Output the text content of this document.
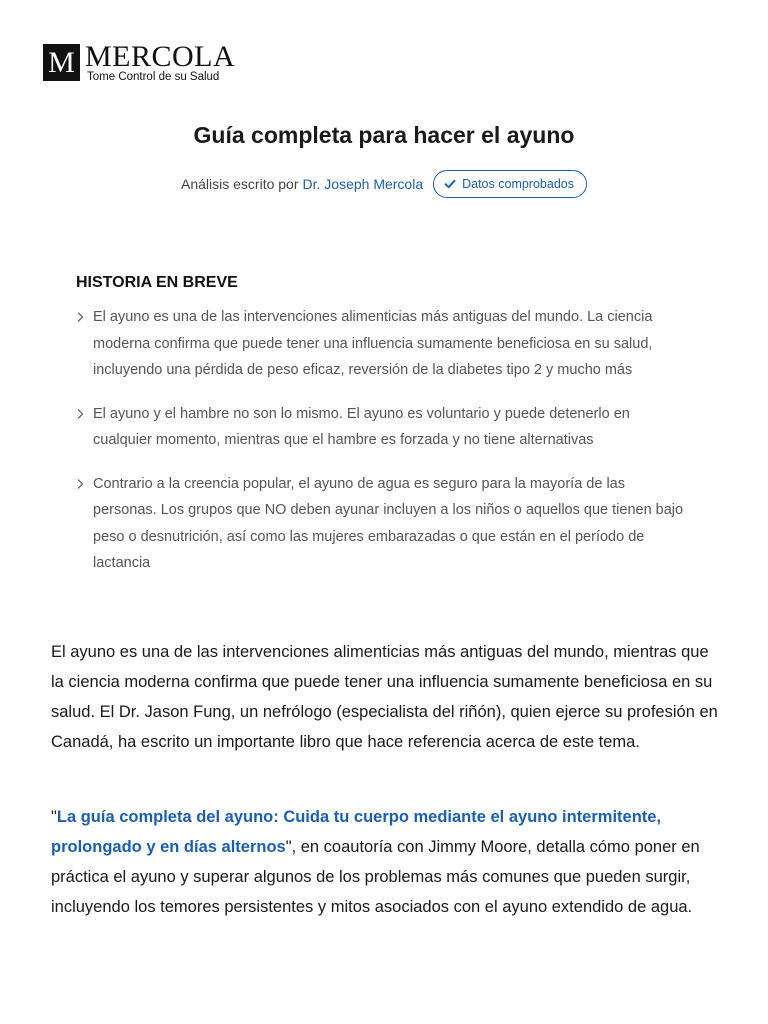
M MERCOLA
Tome Control de su Salud
Guía completa para hacer el ayuno
Análisis escrito por Dr. Joseph Mercola	Datos comprobados
HISTORIA EN BREVE
El ayuno es una de las intervenciones alimenticias más antiguas del mundo. La ciencia moderna confirma que puede tener una influencia sumamente beneficiosa en su salud, incluyendo una pérdida de peso eficaz, reversión de la diabetes tipo 2 y mucho más
El ayuno y el hambre no son lo mismo. El ayuno es voluntario y puede detenerlo en cualquier momento, mientras que el hambre es forzada y no tiene alternativas
Contrario a la creencia popular, el ayuno de agua es seguro para la mayoría de las personas. Los grupos que NO deben ayunar incluyen a los niños o aquellos que tienen bajo peso o desnutrición, así como las mujeres embarazadas o que están en el período de lactancia

El ayuno es una de las intervenciones alimenticias más antiguas del mundo, mientras que la ciencia moderna confirma que puede tener una influencia sumamente beneficiosa en su salud. El Dr. Jason Fung, un nefrólogo (especialista del riñón), quien ejerce su profesión en Canadá, ha escrito un importante libro que hace referencia acerca de este tema.

"La guía completa del ayuno: Cuida tu cuerpo mediante el ayuno intermitente, prolongado y en días alternos", en coautoría con Jimmy Moore, detalla cómo poner en práctica el ayuno y superar algunos de los problemas más comunes que pueden surgir, incluyendo los temores persistentes y mitos asociados con el ayuno extendido de agua.
